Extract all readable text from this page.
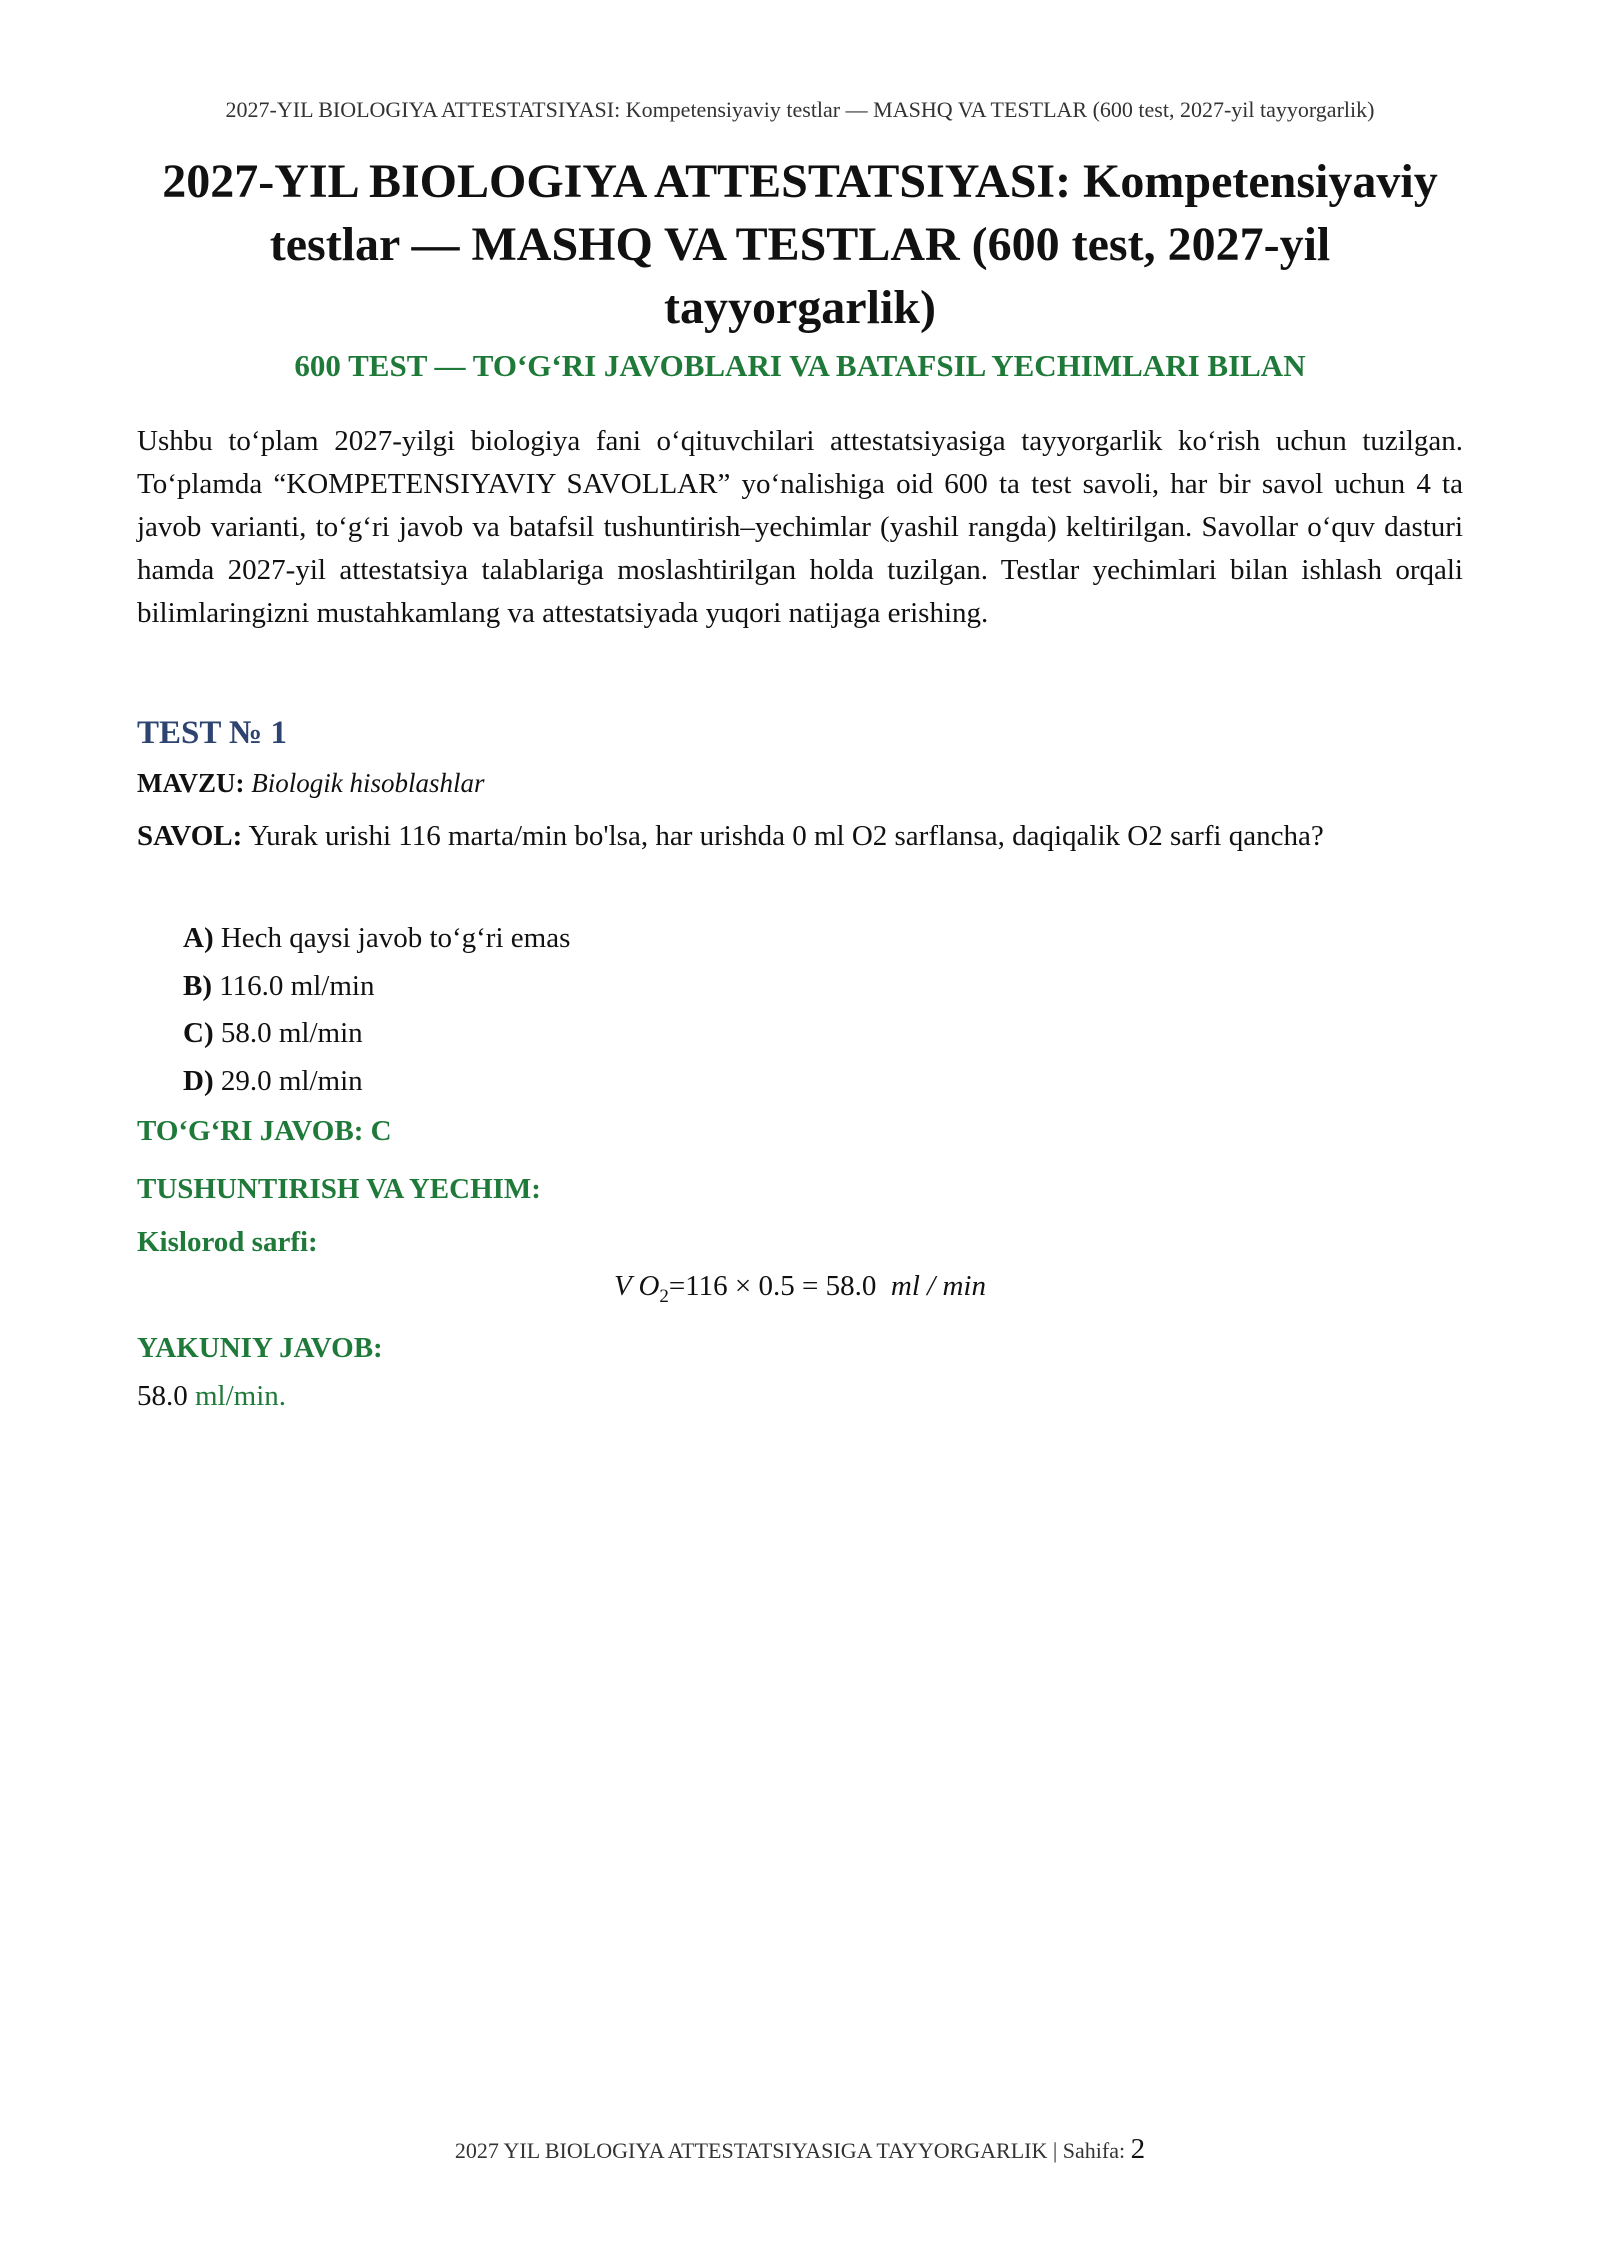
2027-YIL BIOLOGIYA ATTESTATSIYASI: Kompetensiyaviy testlar — MASHQ VA TESTLAR (600 test, 2027-yil tayyorgarlik)
2027-YIL BIOLOGIYA ATTESTATSIYASI: Kompetensiyaviy testlar — MASHQ VA TESTLAR (600 test, 2027-yil tayyorgarlik)
600 TEST — TO‘G‘RI JAVOBLARI VA BATAFSIL YECHIMLARI BILAN

Ushbu to‘plam 2027-yilgi biologiya fani o‘qituvchilari attestatsiyasiga tayyorgarlik ko‘rish uchun tuzilgan. To‘plamda “KOMPETENSIYAVIY SAVOLLAR” yo‘nalishiga oid 600 ta test savoli, har bir savol uchun 4 ta javob varianti, to‘g‘ri javob va batafsil tushuntirish–yechimlar (yashil rangda) keltirilgan. Savollar o‘quv dasturi hamda 2027-yil attestatsiya talablariga moslashtirilgan holda tuzilgan. Testlar yechimlari bilan ishlash orqali bilimlaringizni mustahkamlang va attestatsiyada yuqori natijaga erishing.

TEST № 1
MAVZU: Biologik hisoblashlar
SAVOL: Yurak urishi 116 marta/min bo'lsa, har urishda 0 ml O2 sarflansa, daqiqalik O2 sarfi qancha?
A) Hech qaysi javob to‘g‘ri emas
B) 116.0 ml/min
C) 58.0 ml/min
D) 29.0 ml/min
TO‘G‘RI JAVOB: C
TUSHUNTIRISH VA YECHIM:
Kislorod sarfi:
V $O_2=116 \times 0.5 = 58.0$ ml / min
YAKUNIY JAVOB:
58.0 ml/min.
2027 YIL BIOLOGIYA ATTESTATSIYASIGA TAYYORGARLIK | Sahifa: 2
